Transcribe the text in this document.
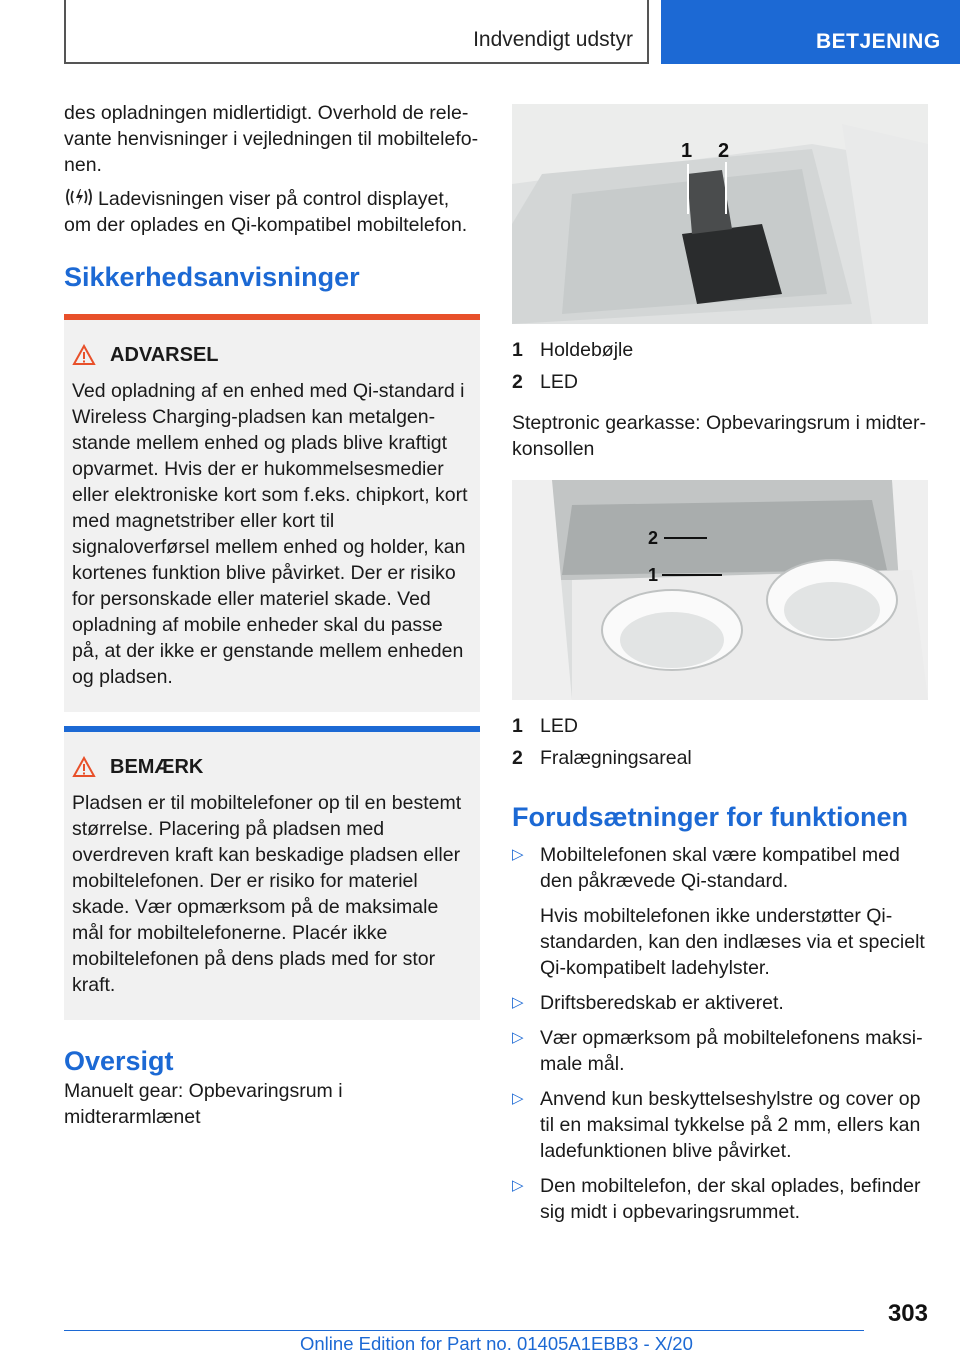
Indvendigt udstyr	BETJENING

des opladningen midlertidigt. Overhold de relevante henvisninger i vejledningen til mobiltelefonen.

Ladevisningen viser på control displayet, om der oplades en Qi-kompatibel mobiltelefon.

Sikkerhedsanvisninger
ADVARSEL

Ved opladning af en enhed med Qi-standard i Wireless Charging-pladsen kan metalgenstande mellem enhed og plads blive kraftigt opvarmet. Hvis der er hukommelsesmedier eller elektroniske kort som f.eks. chipkort, kort med magnetstriber eller kort til signaloverførsel mellem enhed og holder, kan kortenes funktion blive påvirket. Der er risiko for personskade eller materiel skade. Ved opladning af mobile enheder skal du passe på, at der ikke er genstande mellem enheden og pladsen.

BEMÆRK

Pladsen er til mobiltelefoner op til en bestemt størrelse. Placering på pladsen med overdreven kraft kan beskadige pladsen eller mobiltelefonen. Der er risiko for materiel skade. Vær opmærksom på de maksimale mål for mobiltelefonerne. Placér ikke mobiltelefonen på dens plads med for stor kraft.

Oversigt

Manuelt gear: Opbevaringsrum i midterarmlænet

1 2
1 Holdebøjle
2 LED

Steptronic gearkasse: Opbevaringsrum i midterkonsollen

2
1
1 LED
2 Fralægningsareal
Forudsætninger for funktionen
▷ Mobiltelefonen skal være kompatibel med den påkrævede Qi-standard.
Hvis mobiltelefonen ikke understøtter Qi-standarden, kan den indlæses via et specielt Qi-kompatibelt ladehylster.
▷ Driftsberedskab er aktiveret.
▷ Vær opmærksom på mobiltelefonens maksimale mål.
▷ Anvend kun beskyttelseshylstre og cover op til en maksimal tykkelse på 2 mm, ellers kan ladefunktionen blive påvirket.
▷ Den mobiltelefon, der skal oplades, befinder sig midt i opbevaringsrummet.
303
Online Edition for Part no. 01405A1EBB3 - X/20
